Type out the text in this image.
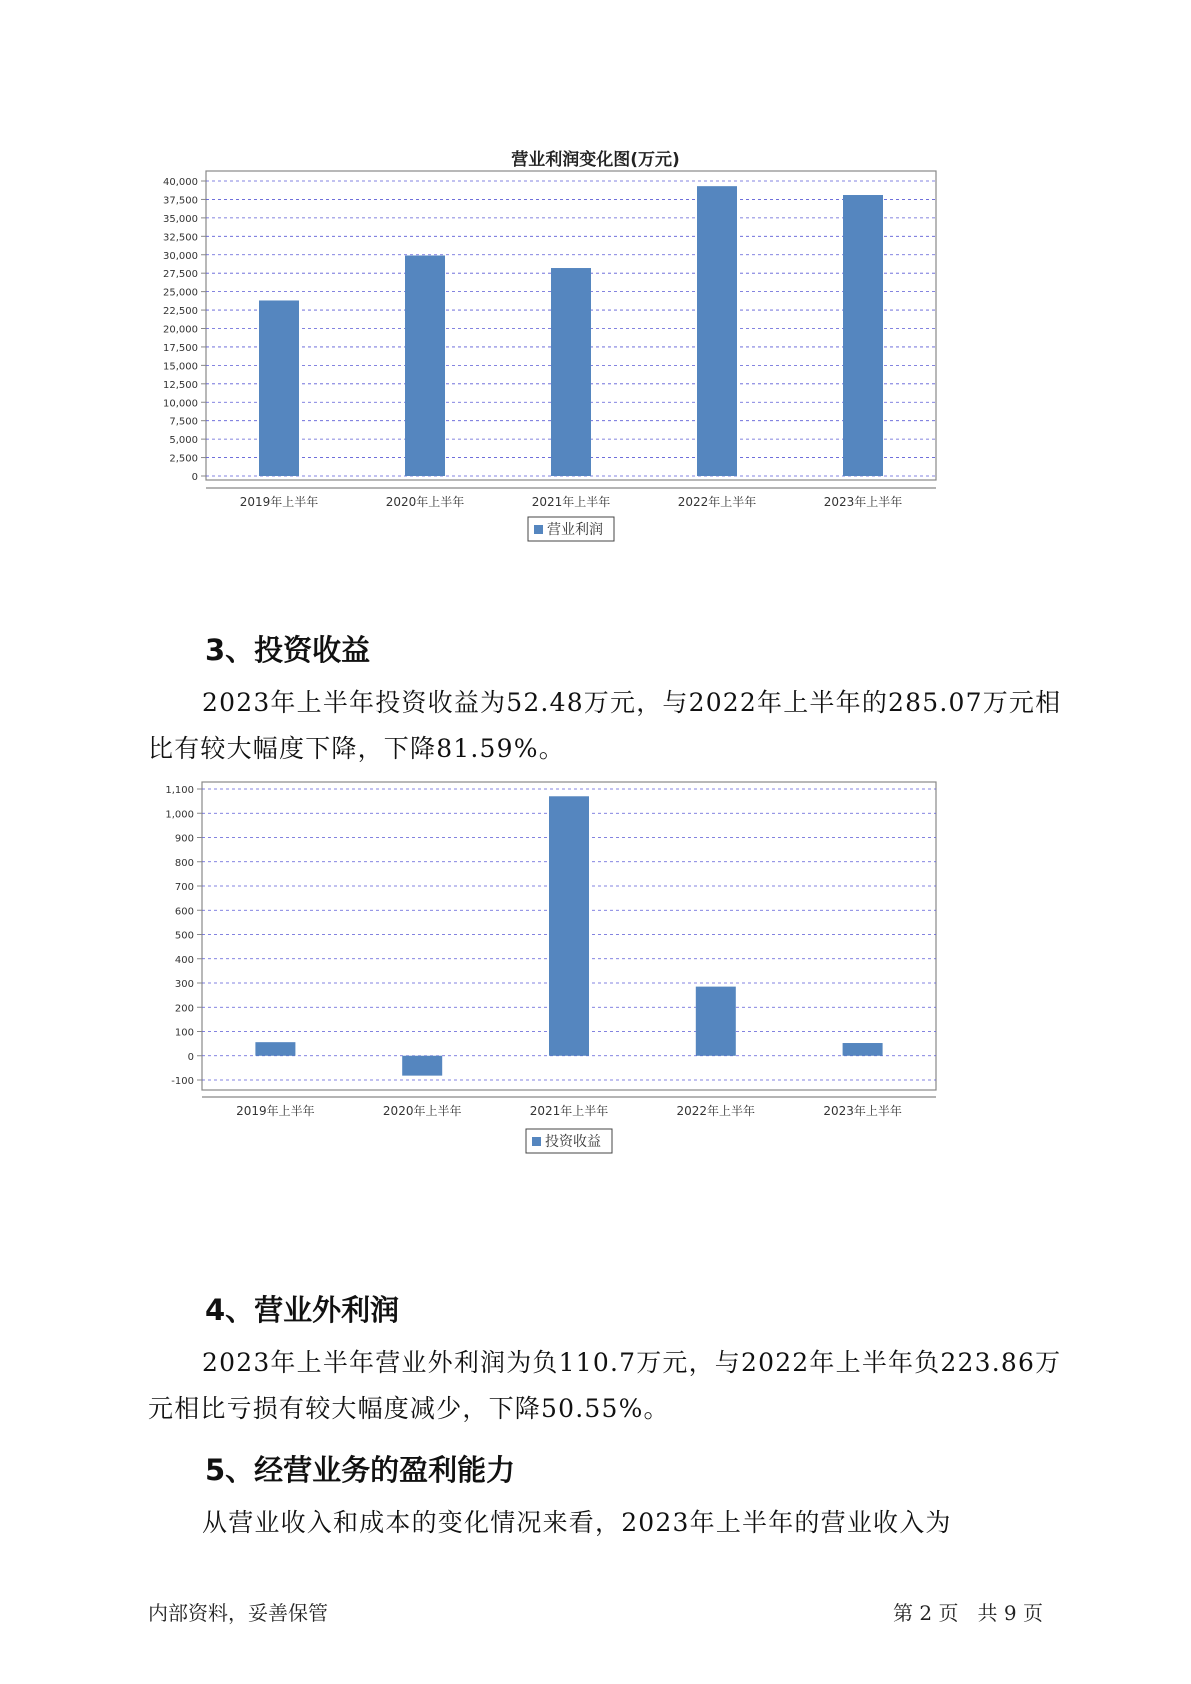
营业利润变化图(万元)
0
2,500
5,000
7,500
10,000
12,500
15,000
17,500
20,000
22,500
25,000
27,500
30,000
32,500
35,000
37,500
40,000
2019年上半年	2020年上半年	2021年上半年	2022年上半年	2023年上半年
营业利润
3、投资收益
2023年上半年投资收益为52.48万元，与2022年上半年的285.07万元相
比有较大幅度下降，下降81.59%。
-100
0
100
200
300
400
500
600
700
800
900
1,000
1,100
2019年上半年	2020年上半年	2021年上半年	2022年上半年	2023年上半年
投资收益
4、营业外利润
2023年上半年营业外利润为负110.7万元，与2022年上半年负223.86万
元相比亏损有较大幅度减少，下降50.55%。
5、经营业务的盈利能力
从营业收入和成本的变化情况来看，2023年上半年的营业收入为
内部资料，妥善保管	第 2 页   共 9 页
